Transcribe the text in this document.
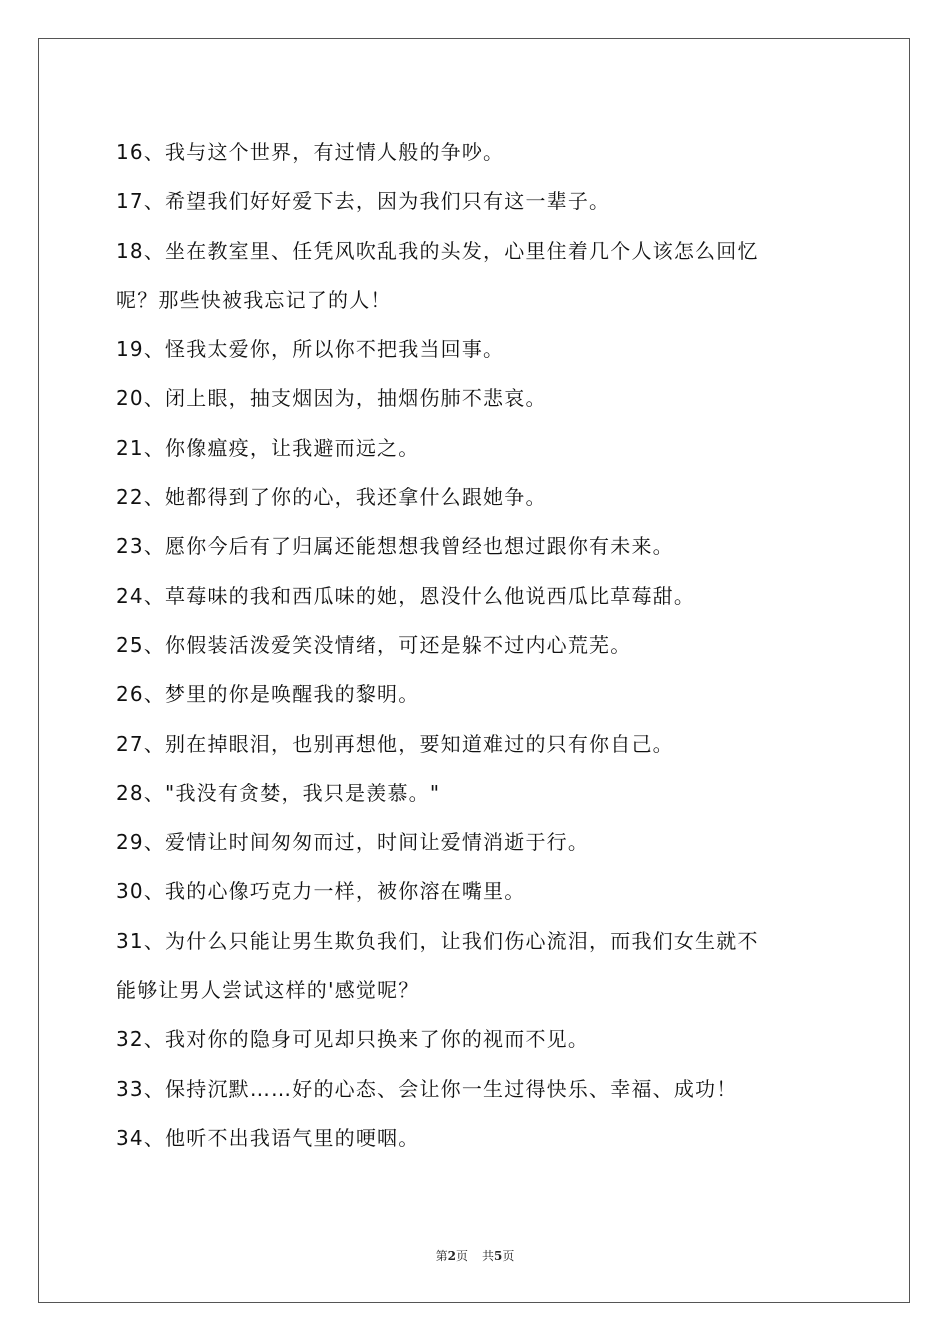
16、我与这个世界，有过情人般的争吵。
17、希望我们好好爱下去，因为我们只有这一辈子。
18、坐在教室里、任凭风吹乱我的头发，心里住着几个人该怎么回忆
呢？那些快被我忘记了的人！
19、怪我太爱你，所以你不把我当回事。
20、闭上眼，抽支烟因为，抽烟伤肺不悲哀。
21、你像瘟疫，让我避而远之。
22、她都得到了你的心，我还拿什么跟她争。
23、愿你今后有了归属还能想想我曾经也想过跟你有未来。
24、草莓味的我和西瓜味的她，恩没什么他说西瓜比草莓甜。
25、你假装活泼爱笑没情绪，可还是躲不过内心荒芜。
26、梦里的你是唤醒我的黎明。
27、别在掉眼泪，也别再想他，要知道难过的只有你自己。
28、"我没有贪婪，我只是羡慕。"
29、爱情让时间匆匆而过，时间让爱情消逝于行。
30、我的心像巧克力一样，被你溶在嘴里。
31、为什么只能让男生欺负我们，让我们伤心流泪，而我们女生就不
能够让男人尝试这样的'感觉呢？
32、我对你的隐身可见却只换来了你的视而不见。
33、保持沉默……好的心态、会让你一生过得快乐、幸福、成功！
34、他听不出我语气里的哽咽。
第2页 共5页
